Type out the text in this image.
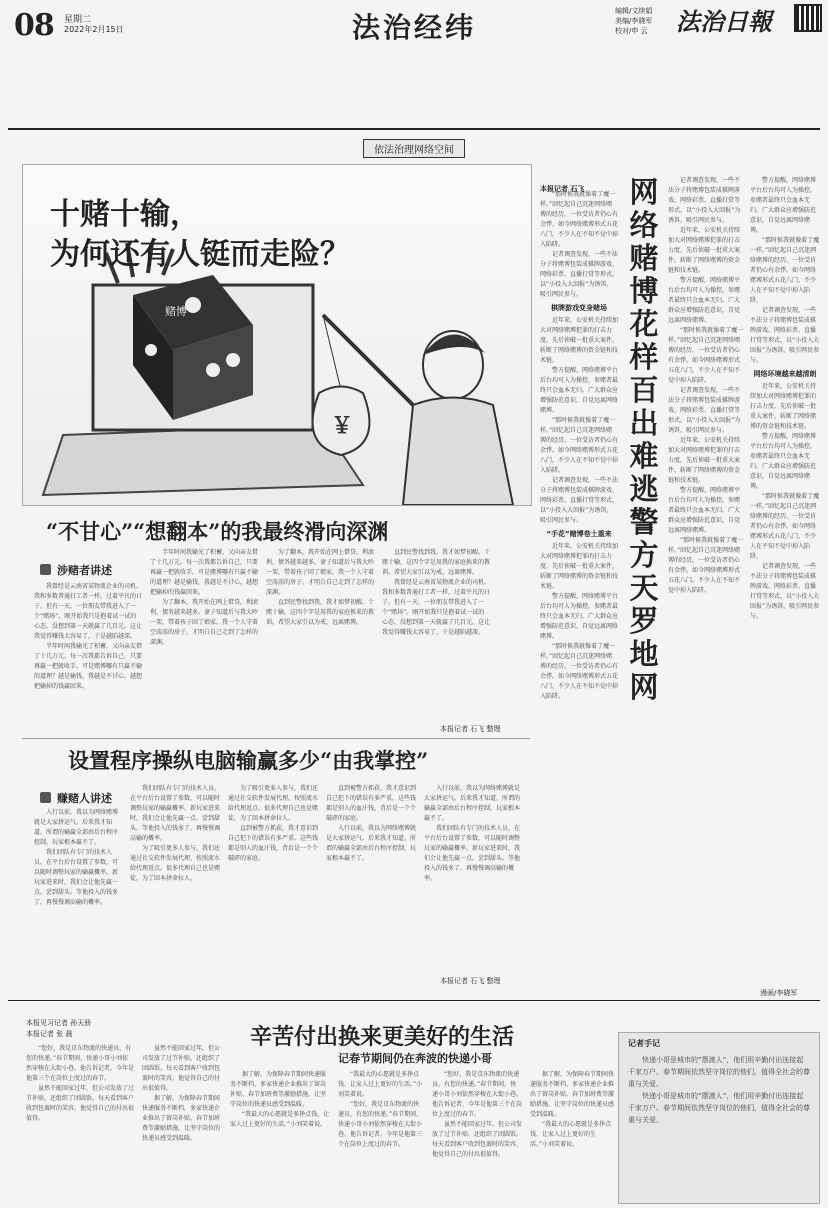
08 星期二
2022年2月15日	法治经纬	编辑/文续娟
美编/李晓军
校对/申 云 法治日報
依法治理网络空间
赌博
￥
十赌十输，
为何还有人铤而走险？
网络赌博花样百出难逃警方天罗地网
本报记者 石飞

“那时候我就像着了魔一样。”回忆起自己沉迷网络赌博的经历，一位受访者仍心有余悸。如今网络赌博形式五花八门，不少人在不知不觉中掉入陷阱。

记者调查发现，一些不法分子将赌博包装成棋牌游戏、网络彩票、直播打赏等形式，以“小投入大回报”为诱饵，吸引网民参与。

棋牌游戏变身赌场

近年来，公安机关持续加大对网络赌博犯罪的打击力度，先后侦破一批重大案件，斩断了网络赌博的资金链和技术链。

警方提醒，网络赌博平台后台均可人为操控，参赌者最终只会血本无归。广大群众应增强防范意识，自觉远离网络赌博。

“那时候我就像着了魔一样。”回忆起自己沉迷网络赌博的经历，一位受访者仍心有余悸。如今网络赌博形式五花八门，不少人在不知不觉中掉入陷阱。

记者调查发现，一些不法分子将赌博包装成棋牌游戏、网络彩票、直播打赏等形式，以“小投入大回报”为诱饵，吸引网民参与。

“手花”赌博卷土重来

近年来，公安机关持续加大对网络赌博犯罪的打击力度，先后侦破一批重大案件，斩断了网络赌博的资金链和技术链。

警方提醒，网络赌博平台后台均可人为操控，参赌者最终只会血本无归。广大群众应增强防范意识，自觉远离网络赌博。

“那时候我就像着了魔一样。”回忆起自己沉迷网络赌博的经历，一位受访者仍心有余悸。如今网络赌博形式五花八门，不少人在不知不觉中掉入陷阱。

记者调查发现，一些不法分子将赌博包装成棋牌游戏、网络彩票、直播打赏等形式，以“小投入大回报”为诱饵，吸引网民参与。

近年来，公安机关持续加大对网络赌博犯罪的打击力度，先后侦破一批重大案件，斩断了网络赌博的资金链和技术链。

警方提醒，网络赌博平台后台均可人为操控，参赌者最终只会血本无归。广大群众应增强防范意识，自觉远离网络赌博。

“那时候我就像着了魔一样。”回忆起自己沉迷网络赌博的经历，一位受访者仍心有余悸。如今网络赌博形式五花八门，不少人在不知不觉中掉入陷阱。

记者调查发现，一些不法分子将赌博包装成棋牌游戏、网络彩票、直播打赏等形式，以“小投入大回报”为诱饵，吸引网民参与。

近年来，公安机关持续加大对网络赌博犯罪的打击力度，先后侦破一批重大案件，斩断了网络赌博的资金链和技术链。

警方提醒，网络赌博平台后台均可人为操控，参赌者最终只会血本无归。广大群众应增强防范意识，自觉远离网络赌博。

“那时候我就像着了魔一样。”回忆起自己沉迷网络赌博的经历，一位受访者仍心有余悸。如今网络赌博形式五花八门，不少人在不知不觉中掉入陷阱。

警方提醒，网络赌博平台后台均可人为操控，参赌者最终只会血本无归。广大群众应增强防范意识，自觉远离网络赌博。

“那时候我就像着了魔一样。”回忆起自己沉迷网络赌博的经历，一位受访者仍心有余悸。如今网络赌博形式五花八门，不少人在不知不觉中掉入陷阱。

记者调查发现，一些不法分子将赌博包装成棋牌游戏、网络彩票、直播打赏等形式，以“小投入大回报”为诱饵，吸引网民参与。

网络环境越来越清朗

近年来，公安机关持续加大对网络赌博犯罪的打击力度，先后侦破一批重大案件，斩断了网络赌博的资金链和技术链。

警方提醒，网络赌博平台后台均可人为操控，参赌者最终只会血本无归。广大群众应增强防范意识，自觉远离网络赌博。

“那时候我就像着了魔一样。”回忆起自己沉迷网络赌博的经历，一位受访者仍心有余悸。如今网络赌博形式五花八门，不少人在不知不觉中掉入陷阱。

记者调查发现，一些不法分子将赌博包装成棋牌游戏、网络彩票、直播打赏等形式，以“小投入大回报”为诱饵，吸引网民参与。

漫画/李晓军
“不甘心”“想翻本”的我最终滑向深渊
涉赌者讲述

我曾经是云南省某物流企业的司机。我和多数普通打工者一样，过着平凡的日子。但有一天，一位朋友带我进入了一个“赌场”。刚开始我只是抱着试一试的心态，没想到第一天就赢了几百元。这让我觉得赚钱太容易了，于是越陷越深。

半年时间我输光了积蓄，又向亲友借了十几万元。每一次我都告诉自己，只要再赢一把就收手。可是赌博哪有只赢不输的道理？越是输钱，我越是不甘心，越想把输掉的钱赢回来。

半年时间我输光了积蓄，又向亲友借了十几万元。每一次我都告诉自己，只要再赢一把就收手。可是赌博哪有只赢不输的道理？越是输钱，我越是不甘心，越想把输掉的钱赢回来。

为了翻本，我开始在网上借贷，利滚利，债务越来越多。妻子知道后与我大吵一架，带着孩子回了娘家。我一个人守着空荡荡的房子，才明白自己走到了怎样的深渊。

为了翻本，我开始在网上借贷，利滚利，债务越来越多。妻子知道后与我大吵一架，带着孩子回了娘家。我一个人守着空荡荡的房子，才明白自己走到了怎样的深渊。

直到民警找到我，我才如梦初醒。十赌十输，这四个字是用我的家庭换来的教训。希望大家引以为戒，远离赌博。

直到民警找到我，我才如梦初醒。十赌十输，这四个字是用我的家庭换来的教训。希望大家引以为戒，远离赌博。

我曾经是云南省某物流企业的司机。我和多数普通打工者一样，过着平凡的日子。但有一天，一位朋友带我进入了一个“赌场”。刚开始我只是抱着试一试的心态，没想到第一天就赢了几百元。这让我觉得赚钱太容易了，于是越陷越深。

本报记者 石飞 整理
设置程序操纵电脑输赢多少“由我掌控”
赚赌人讲述

入行以前，我以为网络赌博就是大家拼运气。后来我才知道，所谓的输赢全部由后台程序控制，玩家根本赢不了。

我们团队有专门的技术人员，在平台后台设置了参数，可以随时调整玩家的输赢概率。新玩家进来时，我们会让他先赢一点，尝到甜头。等他投入的钱多了，再慢慢调高输的概率。

我们团队有专门的技术人员，在平台后台设置了参数，可以随时调整玩家的输赢概率。新玩家进来时，我们会让他先赢一点，尝到甜头。等他投入的钱多了，再慢慢调高输的概率。

为了吸引更多人参与，我们还通过社交软件发展代理，按照流水给代理返点。很多代理自己也是赌徒，为了回本拼命拉人。

为了吸引更多人参与，我们还通过社交软件发展代理，按照流水给代理返点。很多代理自己也是赌徒，为了回本拼命拉人。

直到被警方抓获，我才意识到自己犯下的错误有多严重。这些钱都是别人的血汗钱，背后是一个个破碎的家庭。

直到被警方抓获，我才意识到自己犯下的错误有多严重。这些钱都是别人的血汗钱，背后是一个个破碎的家庭。

入行以前，我以为网络赌博就是大家拼运气。后来我才知道，所谓的输赢全部由后台程序控制，玩家根本赢不了。

入行以前，我以为网络赌博就是大家拼运气。后来我才知道，所谓的输赢全部由后台程序控制，玩家根本赢不了。

我们团队有专门的技术人员，在平台后台设置了参数，可以随时调整玩家的输赢概率。新玩家进来时，我们会让他先赢一点，尝到甜头。等他投入的钱多了，再慢慢调高输的概率。

本报记者 石飞 整理
本报见习记者 孙天骄
本报记者 张 晨	辛苦付出换来更美好的生活
记春节期间仍在奔波的快递小哥

“您好，我是京东物流的快递员，有您的快递。”春节期间，快递小哥小刘依然穿梭在大街小巷。他告诉记者，今年是他第三个在岗位上度过的春节。

虽然不能回家过年，但公司发放了过节补贴，还组织了团圆饭。每天看到客户收到包裹时的笑容，他觉得自己的付出很值得。

虽然不能回家过年，但公司发放了过节补贴，还组织了团圆饭。每天看到客户收到包裹时的笑容，他觉得自己的付出很值得。

据了解，为保障春节期间快递服务不断档，多家快递企业推出了留岗补贴、春节加班费等激励措施，让坚守岗位的快递员感受到温暖。

据了解，为保障春节期间快递服务不断档，多家快递企业推出了留岗补贴、春节加班费等激励措施，让坚守岗位的快递员感受到温暖。

“我最大的心愿就是多挣点钱，让家人过上更好的生活。”小刘笑着说。

“我最大的心愿就是多挣点钱，让家人过上更好的生活。”小刘笑着说。

“您好，我是京东物流的快递员，有您的快递。”春节期间，快递小哥小刘依然穿梭在大街小巷。他告诉记者，今年是他第三个在岗位上度过的春节。

“您好，我是京东物流的快递员，有您的快递。”春节期间，快递小哥小刘依然穿梭在大街小巷。他告诉记者，今年是他第三个在岗位上度过的春节。

虽然不能回家过年，但公司发放了过节补贴，还组织了团圆饭。每天看到客户收到包裹时的笑容，他觉得自己的付出很值得。

据了解，为保障春节期间快递服务不断档，多家快递企业推出了留岗补贴、春节加班费等激励措施，让坚守岗位的快递员感受到温暖。

“我最大的心愿就是多挣点钱，让家人过上更好的生活。”小刘笑着说。

记者手记

快递小哥是城市的“摆渡人”，他们用辛勤付出连接起千家万户。春节期间依然坚守岗位的他们，值得全社会的尊重与关爱。

快递小哥是城市的“摆渡人”，他们用辛勤付出连接起千家万户。春节期间依然坚守岗位的他们，值得全社会的尊重与关爱。
